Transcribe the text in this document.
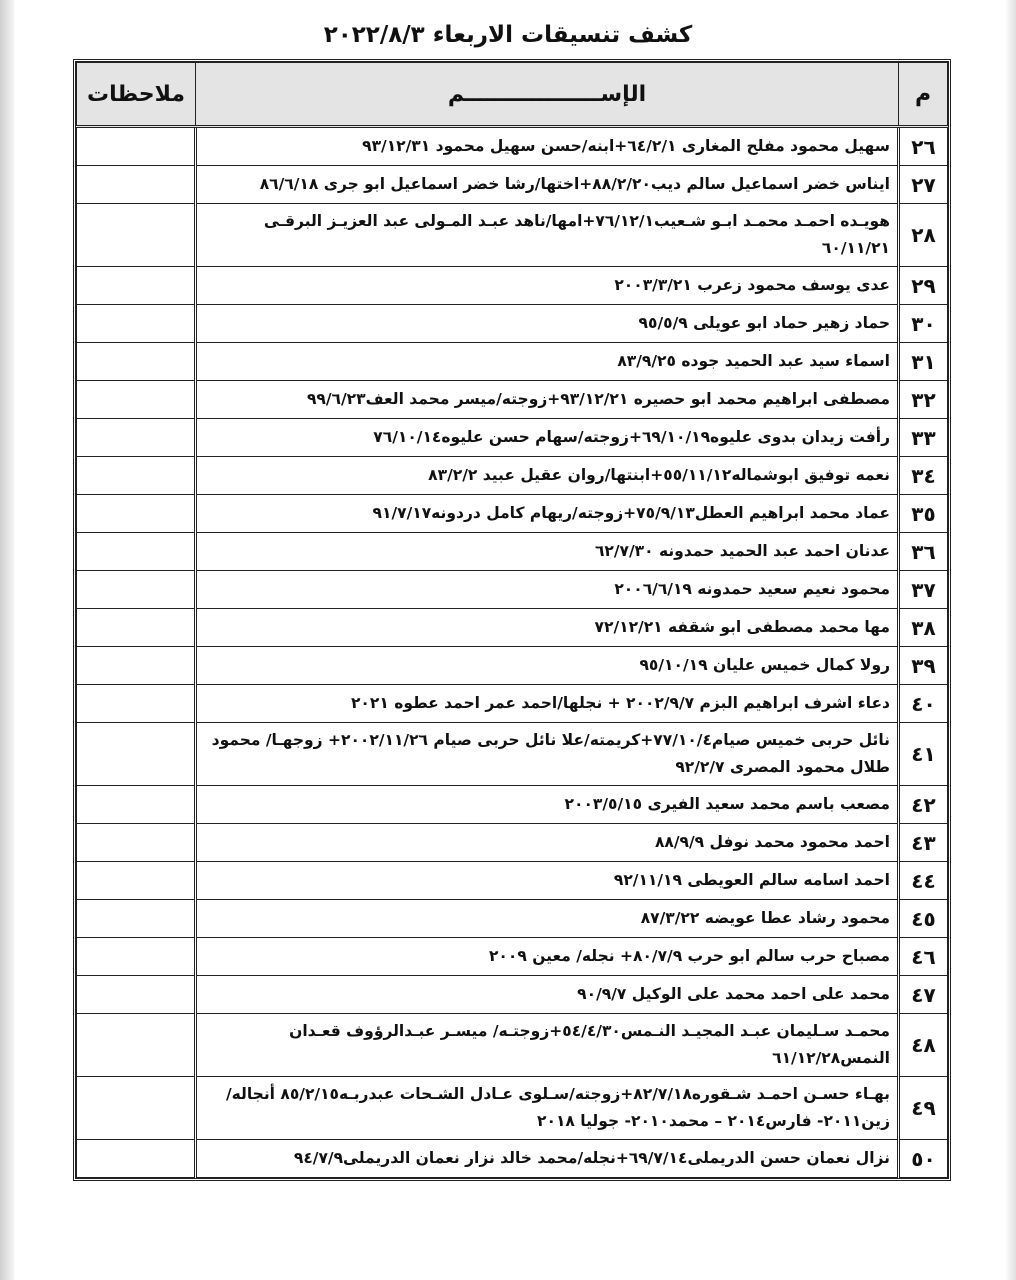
كشف تنسيقات الاربعاء ٢٠٢٢/٨/٣
م	الإســــــــــــــــــم	ملاحظات
٢٦	سهيل محمود مفلح المغارى ٦٤/٢/١+ابنه/حسن سهيل محمود ٩٣/١٢/٣١	
٢٧	ايناس خضر اسماعيل سالم ديب٨٨/٢/٢٠+اختها/رشا خضر اسماعيل ابو جرى ٨٦/٦/١٨	
٢٨	هويـده احمـد محمـد ابـو شـعيب٧٦/١٢/١+امها/ناهد عبـد المـولى عبد العزيـز البرقـى ٦٠/١١/٢١	
٢٩	عدى يوسف محمود زعرب ٢٠٠٣/٣/٢١	
٣٠	حماد زهير حماد ابو عويلى ٩٥/٥/٩	
٣١	اسماء سيد عبد الحميد جوده ٨٣/٩/٢٥	
٣٢	مصطفى ابراهيم محمد ابو حصيره ٩٣/١٢/٢١+زوجته/ميسر محمد العف٩٩/٦/٢٣	
٣٣	رأفت زيدان بدوى عليوه٦٩/١٠/١٩+زوجته/سهام حسن عليوه٧٦/١٠/١٤	
٣٤	نعمه توفيق ابوشماله٥٥/١١/١٢+ابنتها/روان عقيل عبيد ٨٣/٢/٢	
٣٥	عماد محمد ابراهيم العطل٧٥/٩/١٣+زوجته/ريهام كامل دردونه٩١/٧/١٧	
٣٦	عدنان احمد عبد الحميد حمدونه ٦٢/٧/٣٠	
٣٧	محمود نعيم سعيد حمدونه ٢٠٠٦/٦/١٩	
٣٨	مها محمد مصطفى ابو شقفه ٧٢/١٢/٢١	
٣٩	رولا كمال خميس عليان ٩٥/١٠/١٩	
٤٠	دعاء اشرف ابراهيم البزم ٢٠٠٢/٩/٧ + نجلها/احمد عمر احمد عطوه ٢٠٢١	
٤١	نائل حربى خميس صيام٧٧/١٠/٤+كريمته/علا نائل حربى صيام ٢٠٠٢/١١/٢٦+ زوجهـا/ محمود طلال محمود المصرى ٩٢/٢/٧	
٤٢	مصعب باسم محمد سعيد الفيرى ٢٠٠٣/٥/١٥	
٤٣	احمد محمود محمد نوفل ٨٨/٩/٩	
٤٤	احمد اسامه سالم العويطى ٩٢/١١/١٩	
٤٥	محمود رشاد عطا عويضه ٨٧/٣/٢٢	
٤٦	مصباح حرب سالم ابو حرب ٨٠/٧/٩+ نجله/ معين ٢٠٠٩	
٤٧	محمد على احمد محمد على الوكيل ٩٠/٩/٧	
٤٨	محمـد سـليمان عبـد المجيـد النـمس٥٤/٤/٣٠+زوجتـه/ ميسـر عبـدالرؤوف قعـدان النمس٦١/١٢/٢٨	
٤٩	بهـاء حسـن احمـد شـقوره٨٢/٧/١٨+زوجته/سـلوى عـادل الشـحات عبدربـه٨٥/٢/١٥ أنجاله/زين٢٠١١- فارس٢٠١٤ – محمد٢٠١٠- جوليا ٢٠١٨	
٥٠	نزال نعمان حسن الدريملى٦٩/٧/١٤+نجله/محمد خالد نزار نعمان الدريملى٩٤/٧/٩	
